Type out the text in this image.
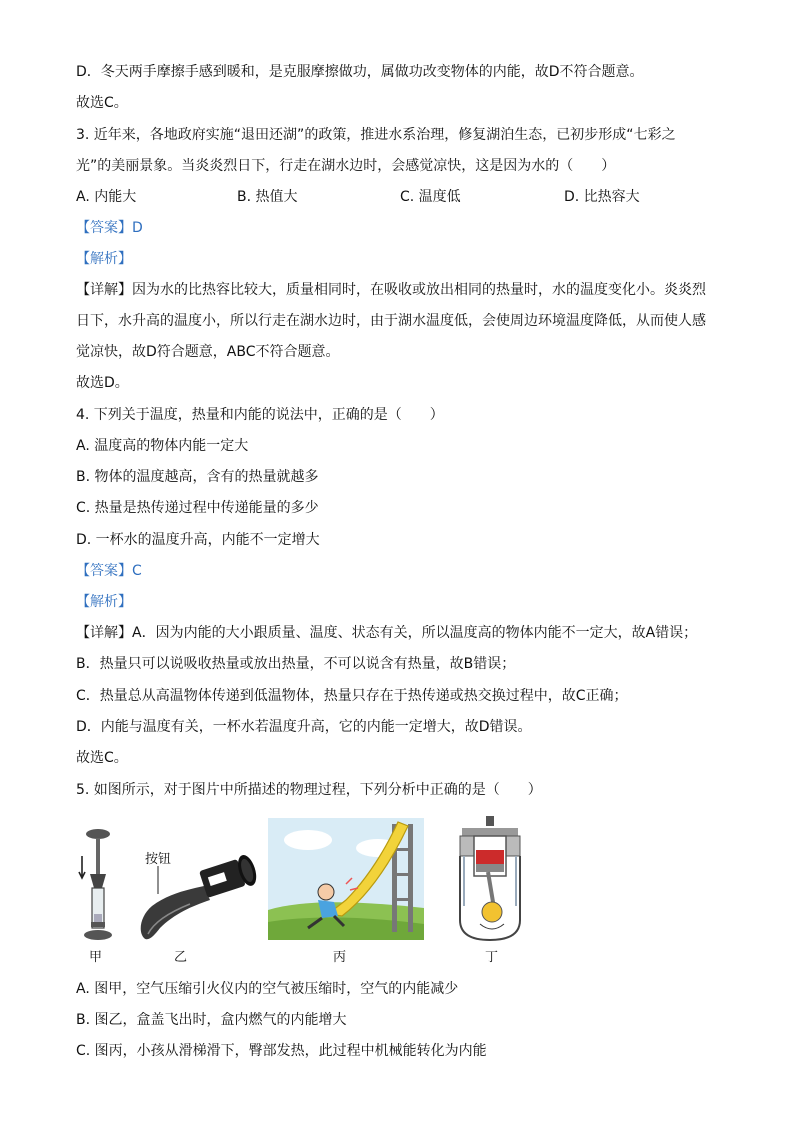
D．冬天两手摩擦手感到暖和，是克服摩擦做功，属做功改变物体的内能，故D不符合题意。
故选C。
3. 近年来，各地政府实施“退田还湖”的政策，推进水系治理，修复湖泊生态，已初步形成“七彩之
光”的美丽景象。当炎炎烈日下，行走在湖水边时，会感觉凉快，这是因为水的（　　）
A. 内能大	B. 热值大	C. 温度低	D. 比热容大
【答案】D
【解析】
【详解】因为水的比热容比较大，质量相同时，在吸收或放出相同的热量时，水的温度变化小。炎炎烈
日下，水升高的温度小，所以行走在湖水边时，由于湖水温度低，会使周边环境温度降低，从而使人感
觉凉快，故D符合题意，ABC不符合题意。
故选D。
4. 下列关于温度，热量和内能的说法中，正确的是（　　）
A. 温度高的物体内能一定大
B. 物体的温度越高，含有的热量就越多
C. 热量是热传递过程中传递能量的多少
D. 一杯水的温度升高，内能不一定增大
【答案】C
【解析】
【详解】A．因为内能的大小跟质量、温度、状态有关，所以温度高的物体内能不一定大，故A错误；
B．热量只可以说吸收热量或放出热量，不可以说含有热量，故B错误；
C．热量总从高温物体传递到低温物体，热量只存在于热传递或热交换过程中，故C正确；
D．内能与温度有关，一杯水若温度升高，它的内能一定增大，故D错误。
故选C。
5. 如图所示，对于图片中所描述的物理过程，下列分析中正确的是（　　）
按钮
甲	乙	丙	丁
A. 图甲，空气压缩引火仪内的空气被压缩时，空气的内能减少
B. 图乙，盒盖飞出时，盒内燃气的内能增大
C. 图丙，小孩从滑梯滑下，臀部发热，此过程中机械能转化为内能
